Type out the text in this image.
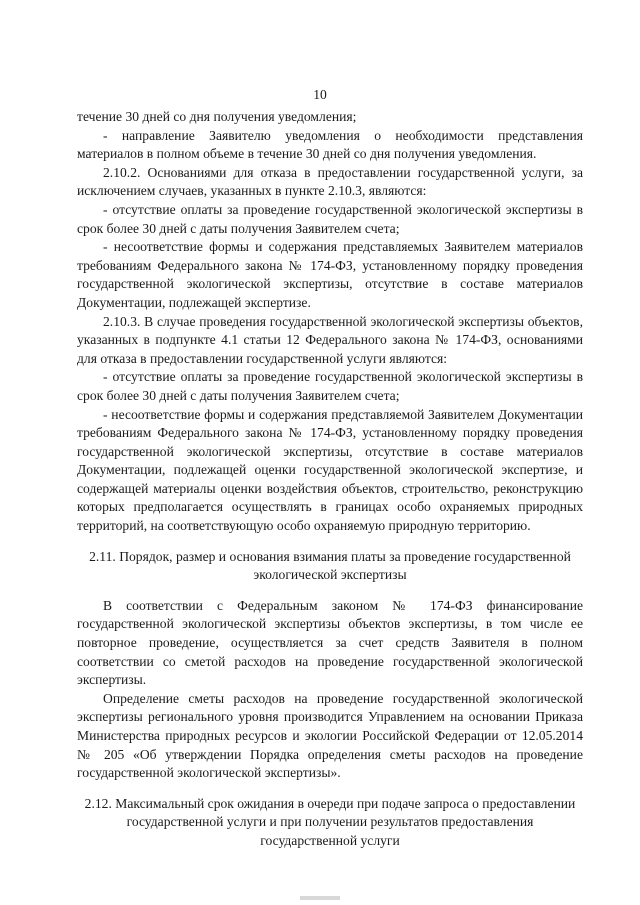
10

течение 30 дней со дня получения уведомления;

- направление Заявителю уведомления о необходимости представления материалов в полном объеме в течение 30 дней со дня получения уведомления.

2.10.2. Основаниями для отказа в предоставлении государственной услуги, за исключением случаев, указанных в пункте 2.10.3, являются:

- отсутствие оплаты за проведение государственной экологической экспертизы в срок более 30 дней с даты получения Заявителем счета;

- несоответствие формы и содержания представляемых Заявителем материалов требованиям Федерального закона № 174-ФЗ, установленному порядку проведения государственной экологической экспертизы, отсутствие в составе материалов Документации, подлежащей экспертизе.

2.10.3. В случае проведения государственной экологической экспертизы объектов, указанных в подпункте 4.1 статьи 12 Федерального закона № 174-ФЗ, основаниями для отказа в предоставлении государственной услуги являются:

- отсутствие оплаты за проведение государственной экологической экспертизы в срок более 30 дней с даты получения Заявителем счета;

- несоответствие формы и содержания представляемой Заявителем Документации требованиям Федерального закона № 174-ФЗ, установленному порядку проведения государственной экологической экспертизы, отсутствие в составе материалов Документации, подлежащей оценки государственной экологической экспертизе, и содержащей материалы оценки воздействия объектов, строительство, реконструкцию которых предполагается осуществлять в границах особо охраняемых природных территорий, на соответствующую особо охраняемую природную территорию.

2.11. Порядок, размер и основания взимания платы за проведение государственной экологической экспертизы

В соответствии с Федеральным законом № 174-ФЗ финансирование государственной экологической экспертизы объектов экспертизы, в том числе ее повторное проведение, осуществляется за счет средств Заявителя в полном соответствии со сметой расходов на проведение государственной экологической экспертизы.

Определение сметы расходов на проведение государственной экологической экспертизы регионального уровня производится Управлением на основании Приказа Министерства природных ресурсов и экологии Российской Федерации от 12.05.2014 № 205 «Об утверждении Порядка определения сметы расходов на проведение государственной экологической экспертизы».

2.12. Максимальный срок ожидания в очереди при подаче запроса о предоставлении государственной услуги и при получении результатов предоставления государственной услуги
